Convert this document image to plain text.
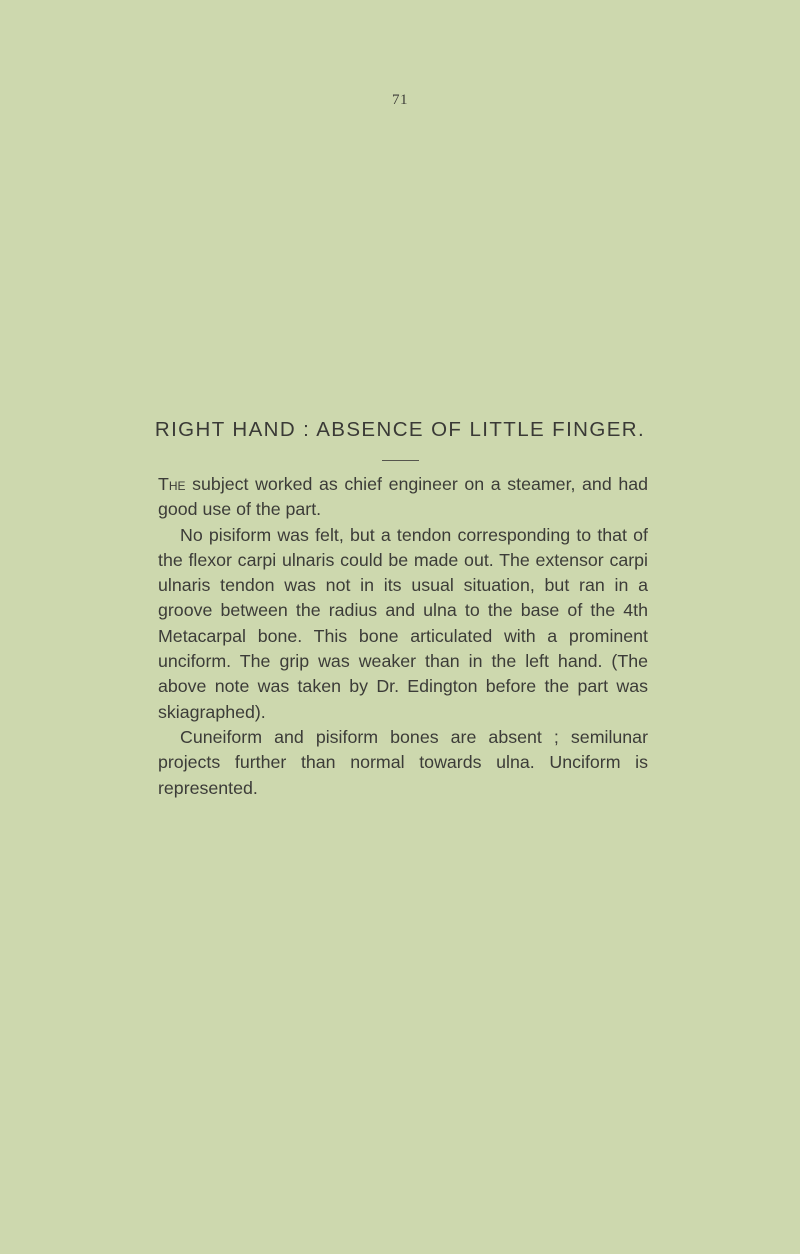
71
RIGHT HAND : ABSENCE OF LITTLE FINGER.

The subject worked as chief engineer on a steamer, and had good use of the part.

No pisiform was felt, but a tendon corresponding to that of the flexor carpi ulnaris could be made out. The extensor carpi ulnaris tendon was not in its usual situation, but ran in a groove between the radius and ulna to the base of the 4th Metacarpal bone. This bone articulated with a prominent unciform. The grip was weaker than in the left hand. (The above note was taken by Dr. Edington before the part was skiagraphed).

Cuneiform and pisiform bones are absent ; semilunar projects further than normal towards ulna. Unciform is represented.
